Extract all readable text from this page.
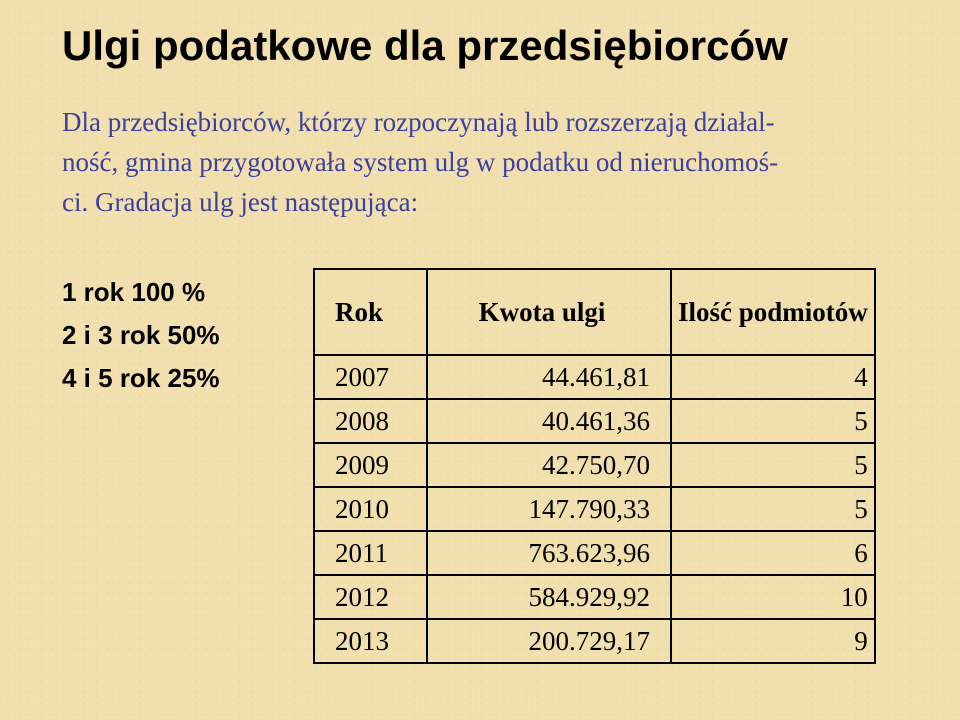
Ulgi podatkowe dla przedsiębiorców

Dla przedsiębiorców, którzy rozpoczynają lub rozszerzają działal-
ność, gmina przygotowała system ulg w podatku od nieruchomoś-
ci. Gradacja ulg jest następująca:

1 rok 100 %
2 i 3 rok 50%
4 i 5 rok 25%
Rok	Kwota ulgi	Ilość podmiotów
2007	44.461,81	4
2008	40.461,36	5
2009	42.750,70	5
2010	147.790,33	5
2011	763.623,96	6
2012	584.929,92	10
2013	200.729,17	9
